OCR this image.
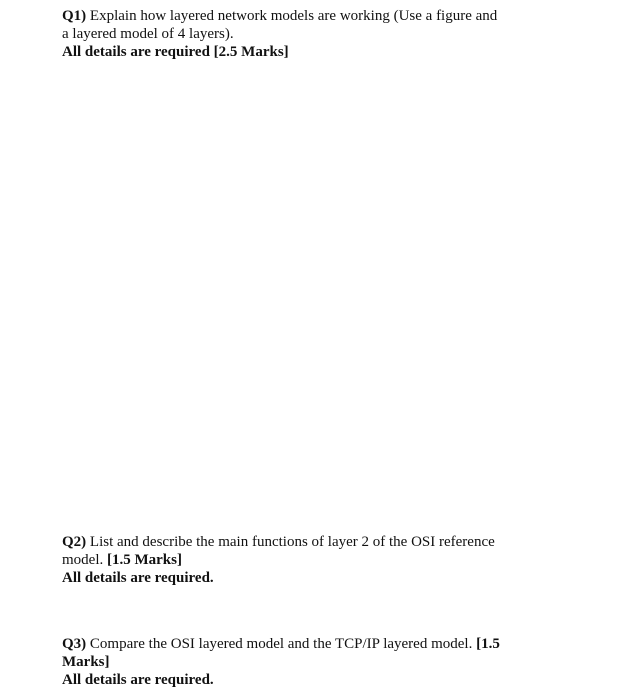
Q1) Explain how layered network models are working (Use a figure and
a layered model of 4 layers).
All details are required [2.5 Marks]
Q2) List and describe the main functions of layer 2 of the OSI reference
model. [1.5 Marks]
All details are required.
Q3) Compare the OSI layered model and the TCP/IP layered model. [1.5
Marks]
All details are required.
